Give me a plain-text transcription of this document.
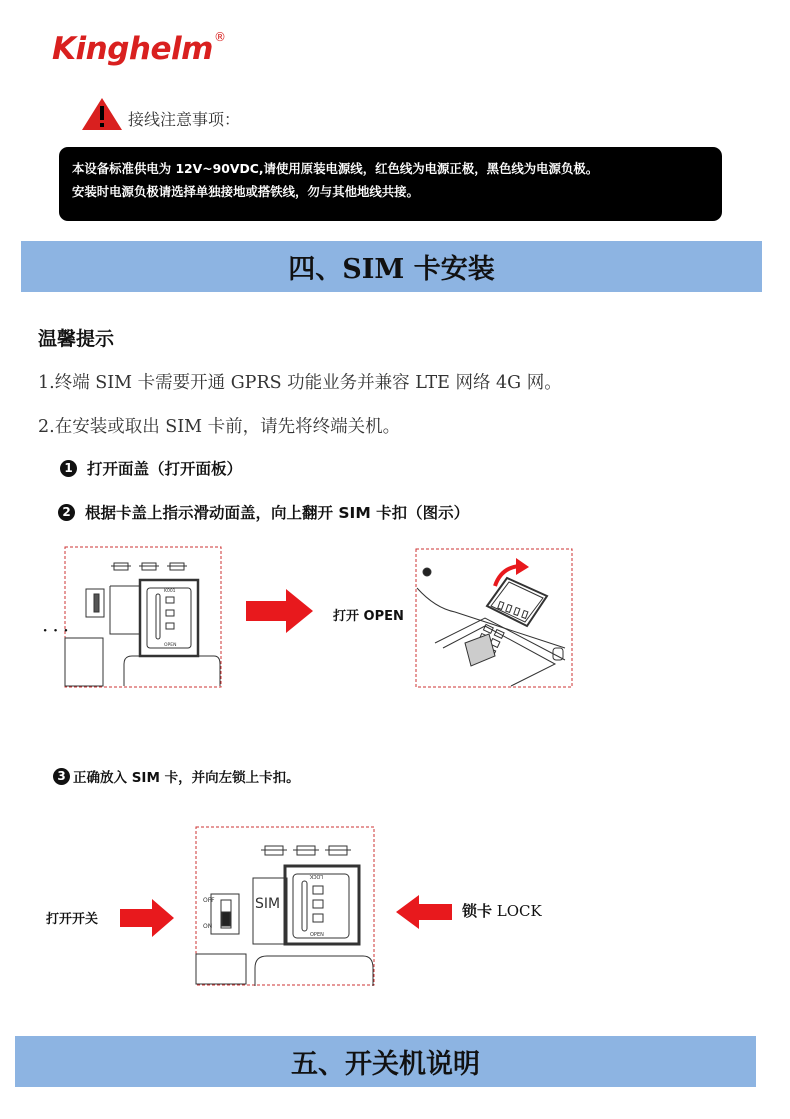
Kinghelm®
接线注意事项：

本设备标准供电为 12V~90VDC,请使用原装电源线，红色线为电源正极，黑色线为电源负极。

安装时电源负极请选择单独接地或搭铁线，勿与其他地线共接。

四、SIM 卡安装
温馨提示
1.终端 SIM 卡需要开通 GPRS 功能业务并兼容 LTE 网络 4G 网。
2.在安装或取出 SIM 卡前，请先将终端关机。
1 打开面盖（打开面板）
2 根据卡盖上指示滑动面盖，向上翻开 SIM 卡扣（图示）
K001
OPEN
···
打开 OPEN
3 正确放入 SIM 卡，并向左锁上卡扣。
打开开关
OFF
ON
SIM
LOCK
OPEN
锁卡 LOCK
五、开关机说明
